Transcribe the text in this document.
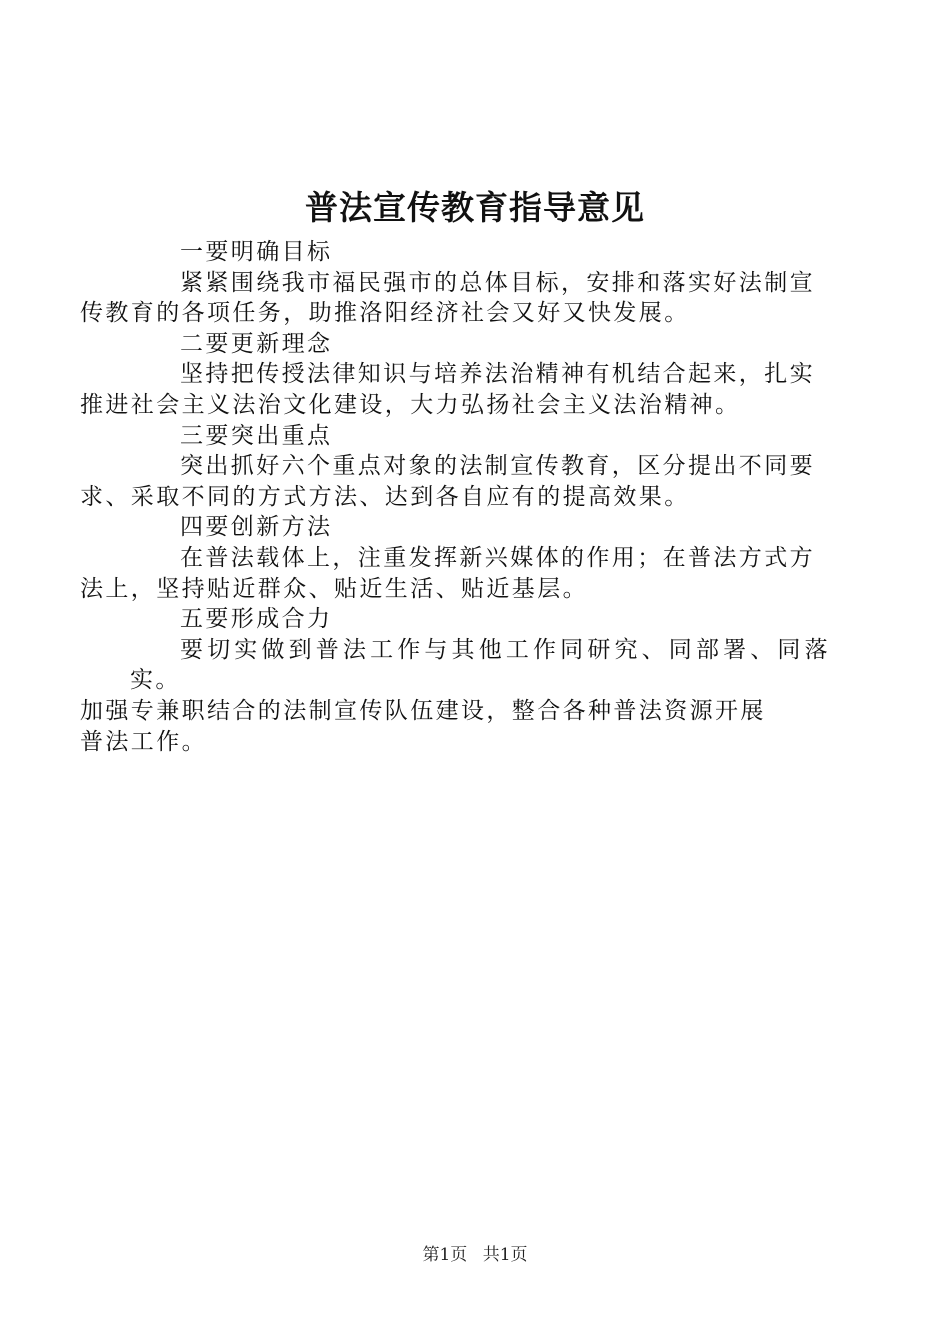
普法宣传教育指导意见
一要明确目标

紧紧围绕我市福民强市的总体目标，安排和落实好法制宣
传教育的各项任务，助推洛阳经济社会又好又快发展。

二要更新理念

坚持把传授法律知识与培养法治精神有机结合起来，扎实
推进社会主义法治文化建设，大力弘扬社会主义法治精神。

三要突出重点

突出抓好六个重点对象的法制宣传教育，区分提出不同要
求、采取不同的方式方法、达到各自应有的提高效果。

四要创新方法

在普法载体上，注重发挥新兴媒体的作用；在普法方式方
法上，坚持贴近群众、贴近生活、贴近基层。

五要形成合力

要切实做到普法工作与其他工作同研究、同部署、同落实。
加强专兼职结合的法制宣传队伍建设，整合各种普法资源开展
普法工作。

第1页 共1页
